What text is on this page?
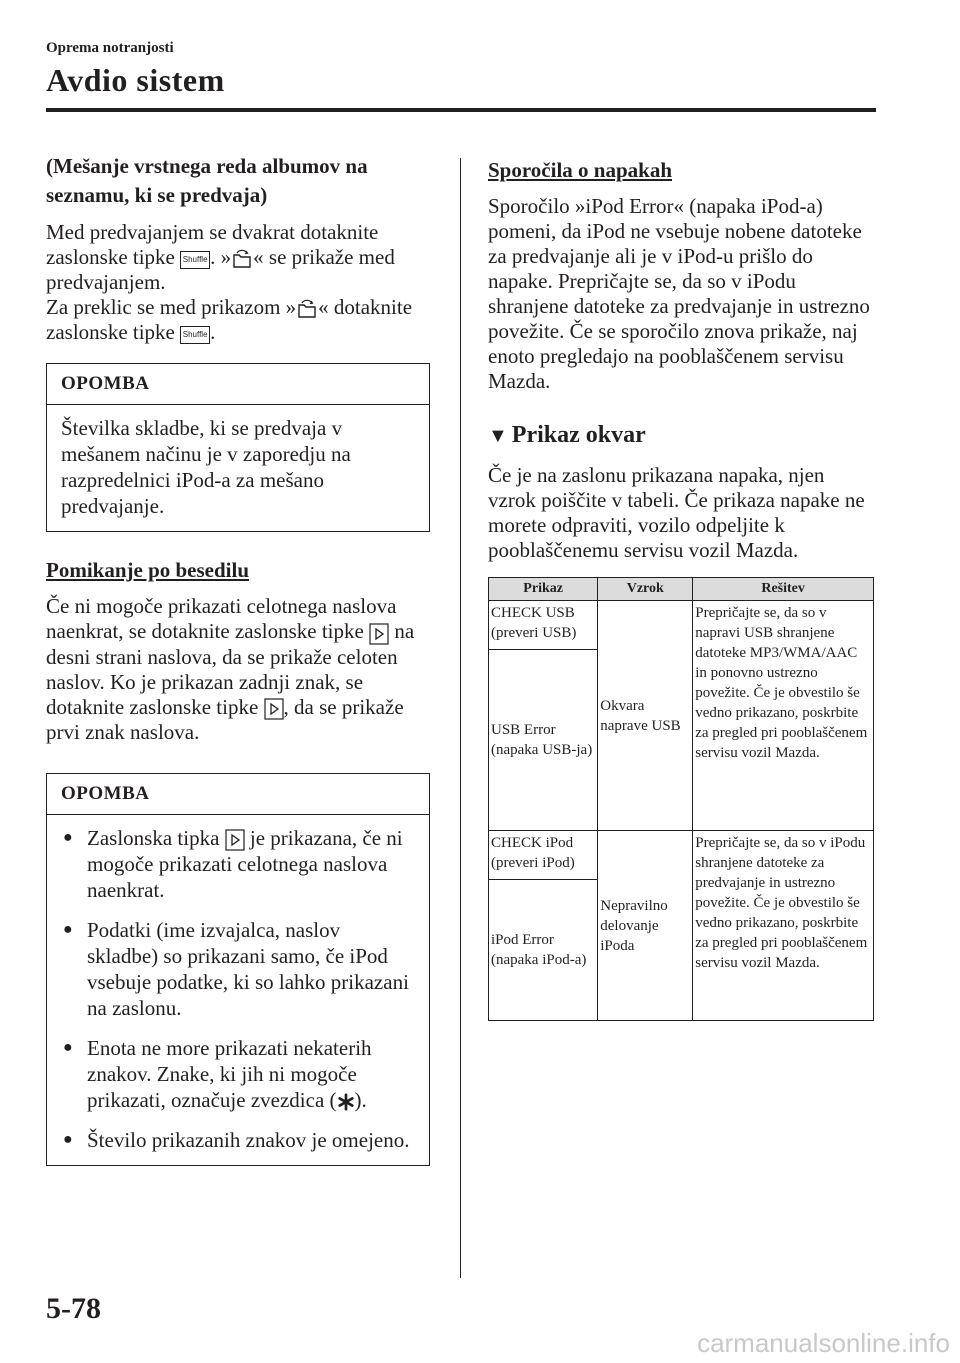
Oprema notranjosti
Avdio sistem
(Mešanje vrstnega reda albumov na seznamu, ki se predvaja)

Med predvajanjem se dvakrat dotaknite zaslonske tipke Shuffle . » « se prikaže med predvajanjem.

Za preklic se med prikazom » « dotaknite zaslonske tipke Shuffle .

OPOMBA
Številka skladbe, ki se predvaja v mešanem načinu je v zaporedju na razpredelnici iPod-a za mešano predvajanje.
Pomikanje po besedilu

Če ni mogoče prikazati celotnega naslova naenkrat, se dotaknite zaslonske tipke na desni strani naslova, da se prikaže celoten naslov. Ko je prikazan zadnji znak, se dotaknite zaslonske tipke , da se prikaže prvi znak naslova.

OPOMBA
● Zaslonska tipka je prikazana, če ni mogoče prikazati celotnega naslova naenkrat.
● Podatki (ime izvajalca, naslov skladbe) so prikazani samo, če iPod vsebuje podatke, ki so lahko prikazani na zaslonu.
● Enota ne more prikazati nekaterih znakov. Znake, ki jih ni mogoče prikazati, označuje zvezdica ( ).
● Število prikazanih znakov je omejeno.
Sporočila o napakah

Sporočilo »iPod Error« (napaka iPod-a) pomeni, da iPod ne vsebuje nobene datoteke za predvajanje ali je v iPod-u prišlo do napake. Prepričajte se, da so v iPodu shranjene datoteke za predvajanje in ustrezno povežite. Če se sporočilo znova prikaže, naj enoto pregledajo na pooblaščenem servisu Mazda.

▼ Prikaz okvar

Če je na zaslonu prikazana napaka, njen vzrok poiščite v tabeli. Če prikaza napake ne morete odpraviti, vozilo odpeljite k pooblaščenemu servisu vozil Mazda.

Prikaz	Vzrok	Rešitev
CHECK USB (preveri USB)	Okvara naprave USB	Prepričajte se, da so v napravi USB shranjene datoteke MP3/WMA/AAC in ponovno ustrezno povežite. Če je obvestilo še vedno prikazano, poskrbite za pregled pri pooblaščenem servisu vozil Mazda.
USB Error (napaka USB-ja)		
CHECK iPod (preveri iPod)	Nepravilno delovanje iPoda	Prepričajte se, da so v iPodu shranjene datoteke za predvajanje in ustrezno povežite. Če je obvestilo še vedno prikazano, poskrbite za pregled pri pooblaščenem servisu vozil Mazda.
iPod Error (napaka iPod-a)		
5-78
carmanualsonline.info
